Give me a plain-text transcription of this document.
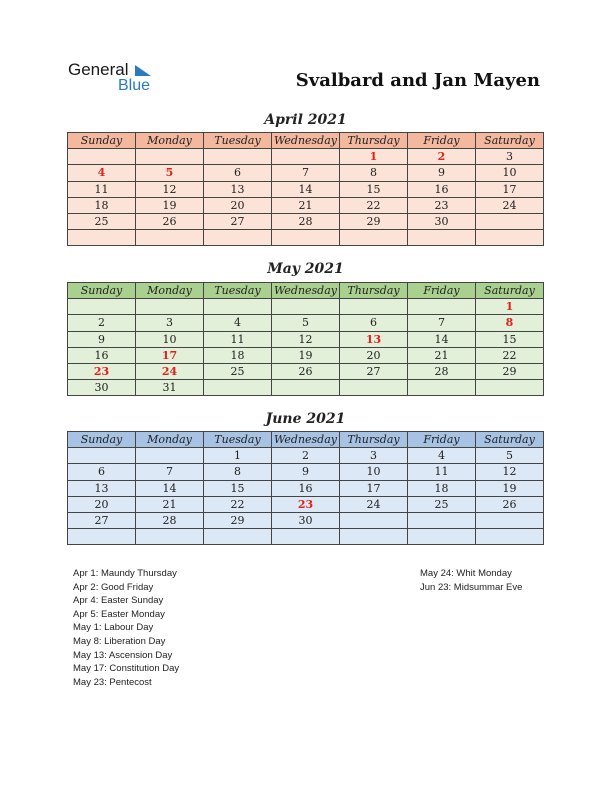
General
Blue	Svalbard and Jan Mayen
April 2021
Sunday	Monday	Tuesday	Wednesday	Thursday	Friday	Saturday
				1	2	3
4	5	6	7	8	9	10
11	12	13	14	15	16	17
18	19	20	21	22	23	24
25	26	27	28	29	30	

May 2021
Sunday	Monday	Tuesday	Wednesday	Thursday	Friday	Saturday
						1
2	3	4	5	6	7	8
9	10	11	12	13	14	15
16	17	18	19	20	21	22
23	24	25	26	27	28	29
30	31					
June 2021
Sunday	Monday	Tuesday	Wednesday	Thursday	Friday	Saturday
		1	2	3	4	5
6	7	8	9	10	11	12
13	14	15	16	17	18	19
20	21	22	23	24	25	26
27	28	29	30			

Apr 1: Maundy Thursday
Apr 2: Good Friday
Apr 4: Easter Sunday
Apr 5: Easter Monday
May 1: Labour Day
May 8: Liberation Day
May 13: Ascension Day
May 17: Constitution Day
May 23: Pentecost
May 24: Whit Monday
Jun 23: Midsummar Eve
